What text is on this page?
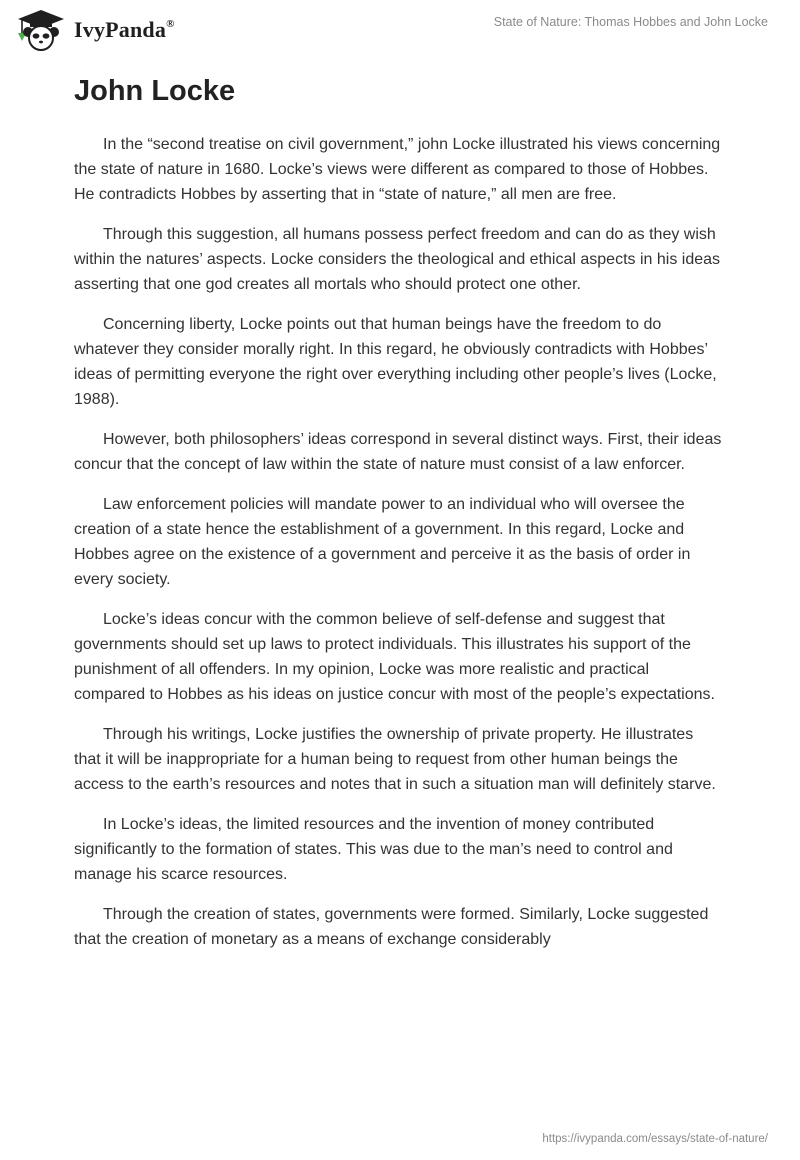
IvyPanda®	State of Nature: Thomas Hobbes and John Locke
John Locke

In the “second treatise on civil government,” john Locke illustrated his views concerning the state of nature in 1680. Locke’s views were different as compared to those of Hobbes. He contradicts Hobbes by asserting that in “state of nature,” all men are free.

Through this suggestion, all humans possess perfect freedom and can do as they wish within the natures’ aspects. Locke considers the theological and ethical aspects in his ideas asserting that one god creates all mortals who should protect one other.

Concerning liberty, Locke points out that human beings have the freedom to do whatever they consider morally right. In this regard, he obviously contradicts with Hobbes’ ideas of permitting everyone the right over everything including other people’s lives (Locke, 1988).

However, both philosophers’ ideas correspond in several distinct ways. First, their ideas concur that the concept of law within the state of nature must consist of a law enforcer.

Law enforcement policies will mandate power to an individual who will oversee the creation of a state hence the establishment of a government. In this regard, Locke and Hobbes agree on the existence of a government and perceive it as the basis of order in every society.

Locke’s ideas concur with the common believe of self-defense and suggest that governments should set up laws to protect individuals. This illustrates his support of the punishment of all offenders. In my opinion, Locke was more realistic and practical compared to Hobbes as his ideas on justice concur with most of the people’s expectations.

Through his writings, Locke justifies the ownership of private property. He illustrates that it will be inappropriate for a human being to request from other human beings the access to the earth’s resources and notes that in such a situation man will definitely starve.

In Locke’s ideas, the limited resources and the invention of money contributed significantly to the formation of states. This was due to the man’s need to control and manage his scarce resources.

Through the creation of states, governments were formed. Similarly, Locke suggested that the creation of monetary as a means of exchange considerably

https://ivypanda.com/essays/state-of-nature/
